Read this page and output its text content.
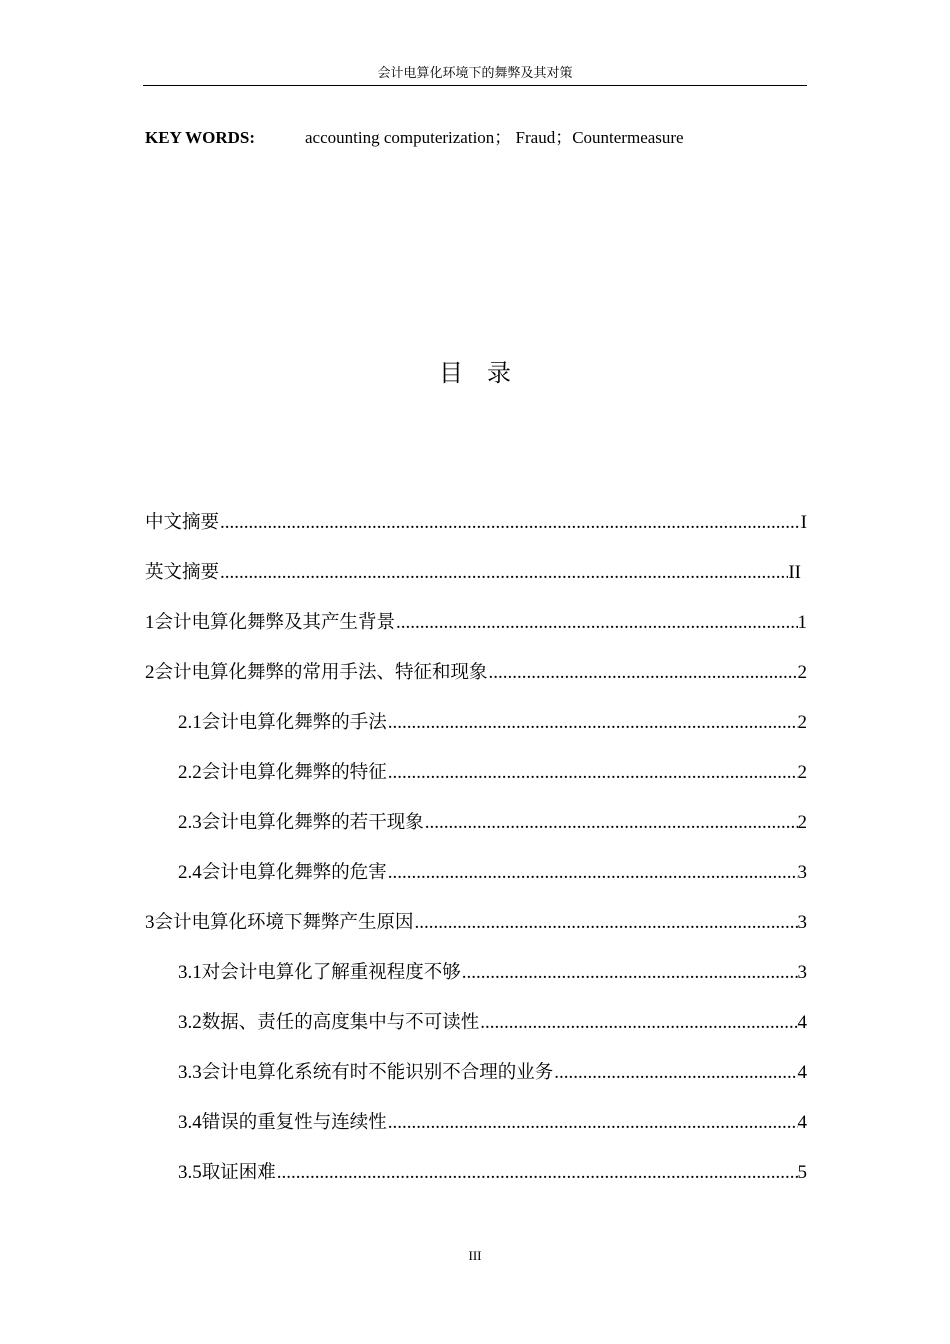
会计电算化环境下的舞弊及其对策
KEY WORDS:	accounting computerization； Fraud；Countermeasure
目录
中文摘要 .....	I
英文摘要 .....	II
1 会计电算化舞弊及其产生背景 .....	1
2 会计电算化舞弊的常用手法、特征和现象 .....	2
2.1 会计电算化舞弊的手法 .....	2
2.2 会计电算化舞弊的特征 .....	2
2.3 会计电算化舞弊的若干现象 .....	2
2.4 会计电算化舞弊的危害 .....	3
3 会计电算化环境下舞弊产生原因 .....	3
3.1 对会计电算化了解重视程度不够 .....	3
3.2 数据、责任的高度集中与不可读性 .....	4
3.3 会计电算化系统有时不能识别不合理的业务 .....	4
3.4 错误的重复性与连续性 .....	4
3.5 取证困难 .....	5
III
